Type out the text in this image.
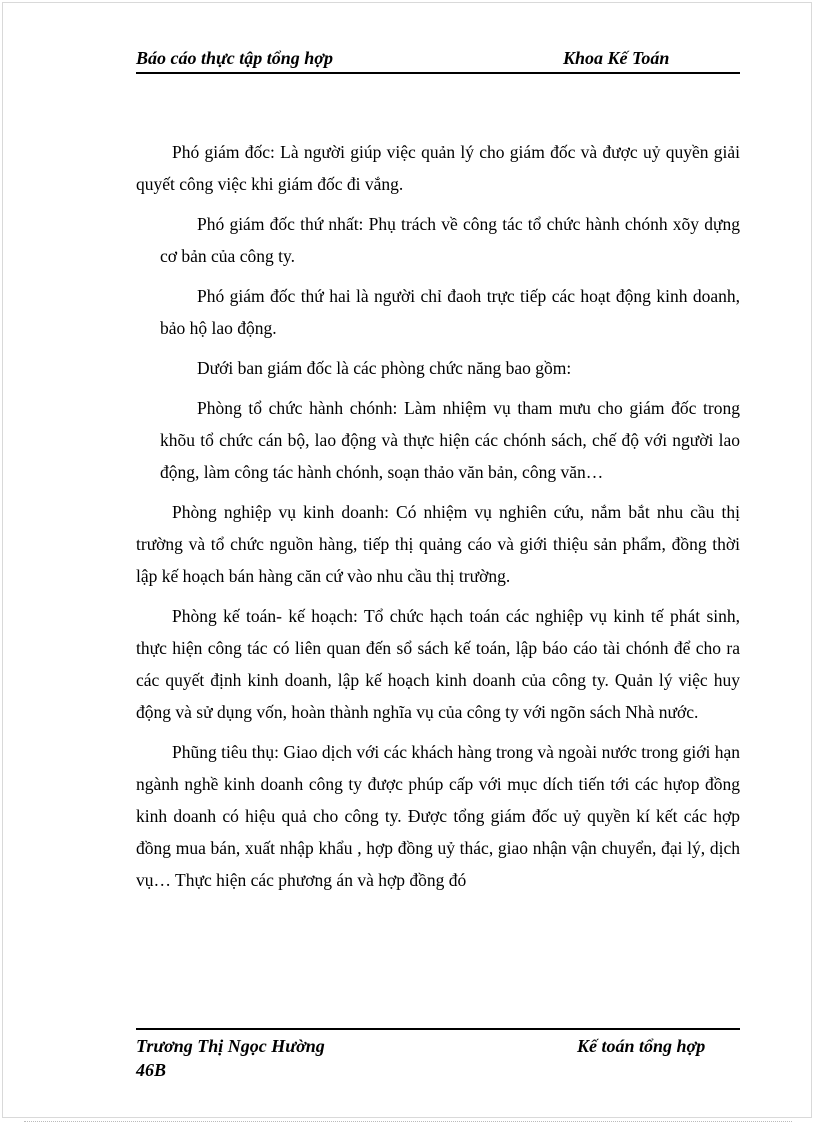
Báo cáo thực tập tổng hợp	Khoa Kế Toán

Phó giám đốc: Là người giúp việc quản lý cho giám đốc và được uỷ quyền giải quyết công việc khi giám đốc đi vắng.

Phó giám đốc thứ nhất: Phụ trách về công tác tổ chức hành chónh xõy dựng cơ bản của công ty.

Phó giám đốc thứ hai là người chỉ đaoh trực tiếp các hoạt động kinh doanh, bảo hộ lao động.

Dưới ban giám đốc là các phòng chức năng bao gồm:

Phòng tổ chức hành chónh: Làm nhiệm vụ tham mưu cho giám đốc trong khõu tổ chức cán bộ, lao động và thực hiện các chónh sách, chế độ với người lao động, làm công tác hành chónh, soạn thảo văn bản, công văn…

Phòng nghiệp vụ kinh doanh: Có nhiệm vụ nghiên cứu, nắm bắt nhu cầu thị trường và tổ chức nguồn hàng, tiếp thị quảng cáo và giới thiệu sản phẩm, đồng thời lập kế hoạch bán hàng căn cứ vào nhu cầu thị trường.

Phòng kế toán- kế hoạch: Tổ chức hạch toán các nghiệp vụ kinh tế phát sinh, thực hiện công tác có liên quan đến sổ sách kế toán, lập báo cáo tài chónh để cho ra các quyết định kinh doanh, lập kế hoạch kinh doanh của công ty. Quản lý việc huy động và sử dụng vốn, hoàn thành nghĩa vụ của công ty với ngõn sách Nhà nước.

Phũng tiêu thụ: Giao dịch với các khách hàng trong và ngoài nước trong giới hạn ngành nghề kinh doanh công ty được phúp cấp với mục dích tiến tới các hựop đồng kinh doanh có hiệu quả cho công ty. Được tổng giám đốc uỷ quyền kí kết các hợp đồng mua bán, xuất nhập khẩu , hợp đồng uỷ thác, giao nhận vận chuyển, đại lý, dịch vụ… Thực hiện các phương án và hợp đồng đó

Trương Thị Ngọc Hường
46B
Kế toán tổng hợp
